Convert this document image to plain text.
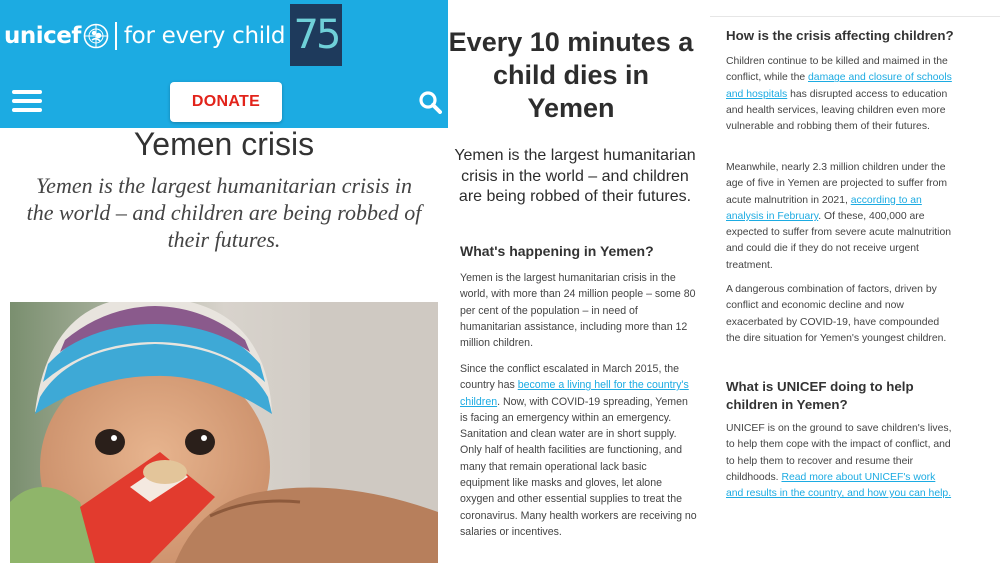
unicef for every child 75
DONATE
Yemen crisis

Yemen is the largest humanitarian crisis in the world – and children are being robbed of their futures.

Every 10 minutes a child dies in Yemen
Yemen is the largest humanitarian crisis in the world – and children are being robbed of their futures.
What's happening in Yemen?

Yemen is the largest humanitarian crisis in the world, with more than 24 million people – some 80 per cent of the population – in need of humanitarian assistance, including more than 12 million children.

Since the conflict escalated in March 2015, the country has become a living hell for the country's children. Now, with COVID-19 spreading, Yemen is facing an emergency within an emergency. Sanitation and clean water are in short supply. Only half of health facilities are functioning, and many that remain operational lack basic equipment like masks and gloves, let alone oxygen and other essential supplies to treat the coronavirus. Many health workers are receiving no salaries or incentives.

How is the crisis affecting children?

Children continue to be killed and maimed in the conflict, while the damage and closure of schools and hospitals has disrupted access to education and health services, leaving children even more vulnerable and robbing them of their futures.

Meanwhile, nearly 2.3 million children under the age of five in Yemen are projected to suffer from acute malnutrition in 2021, according to an analysis in February. Of these, 400,000 are expected to suffer from severe acute malnutrition and could die if they do not receive urgent treatment.

A dangerous combination of factors, driven by conflict and economic decline and now exacerbated by COVID-19, have compounded the dire situation for Yemen's youngest children.

What is UNICEF doing to help children in Yemen?

UNICEF is on the ground to save children's lives, to help them cope with the impact of conflict, and to help them to recover and resume their childhoods. Read more about UNICEF's work and results in the country, and how you can help.
